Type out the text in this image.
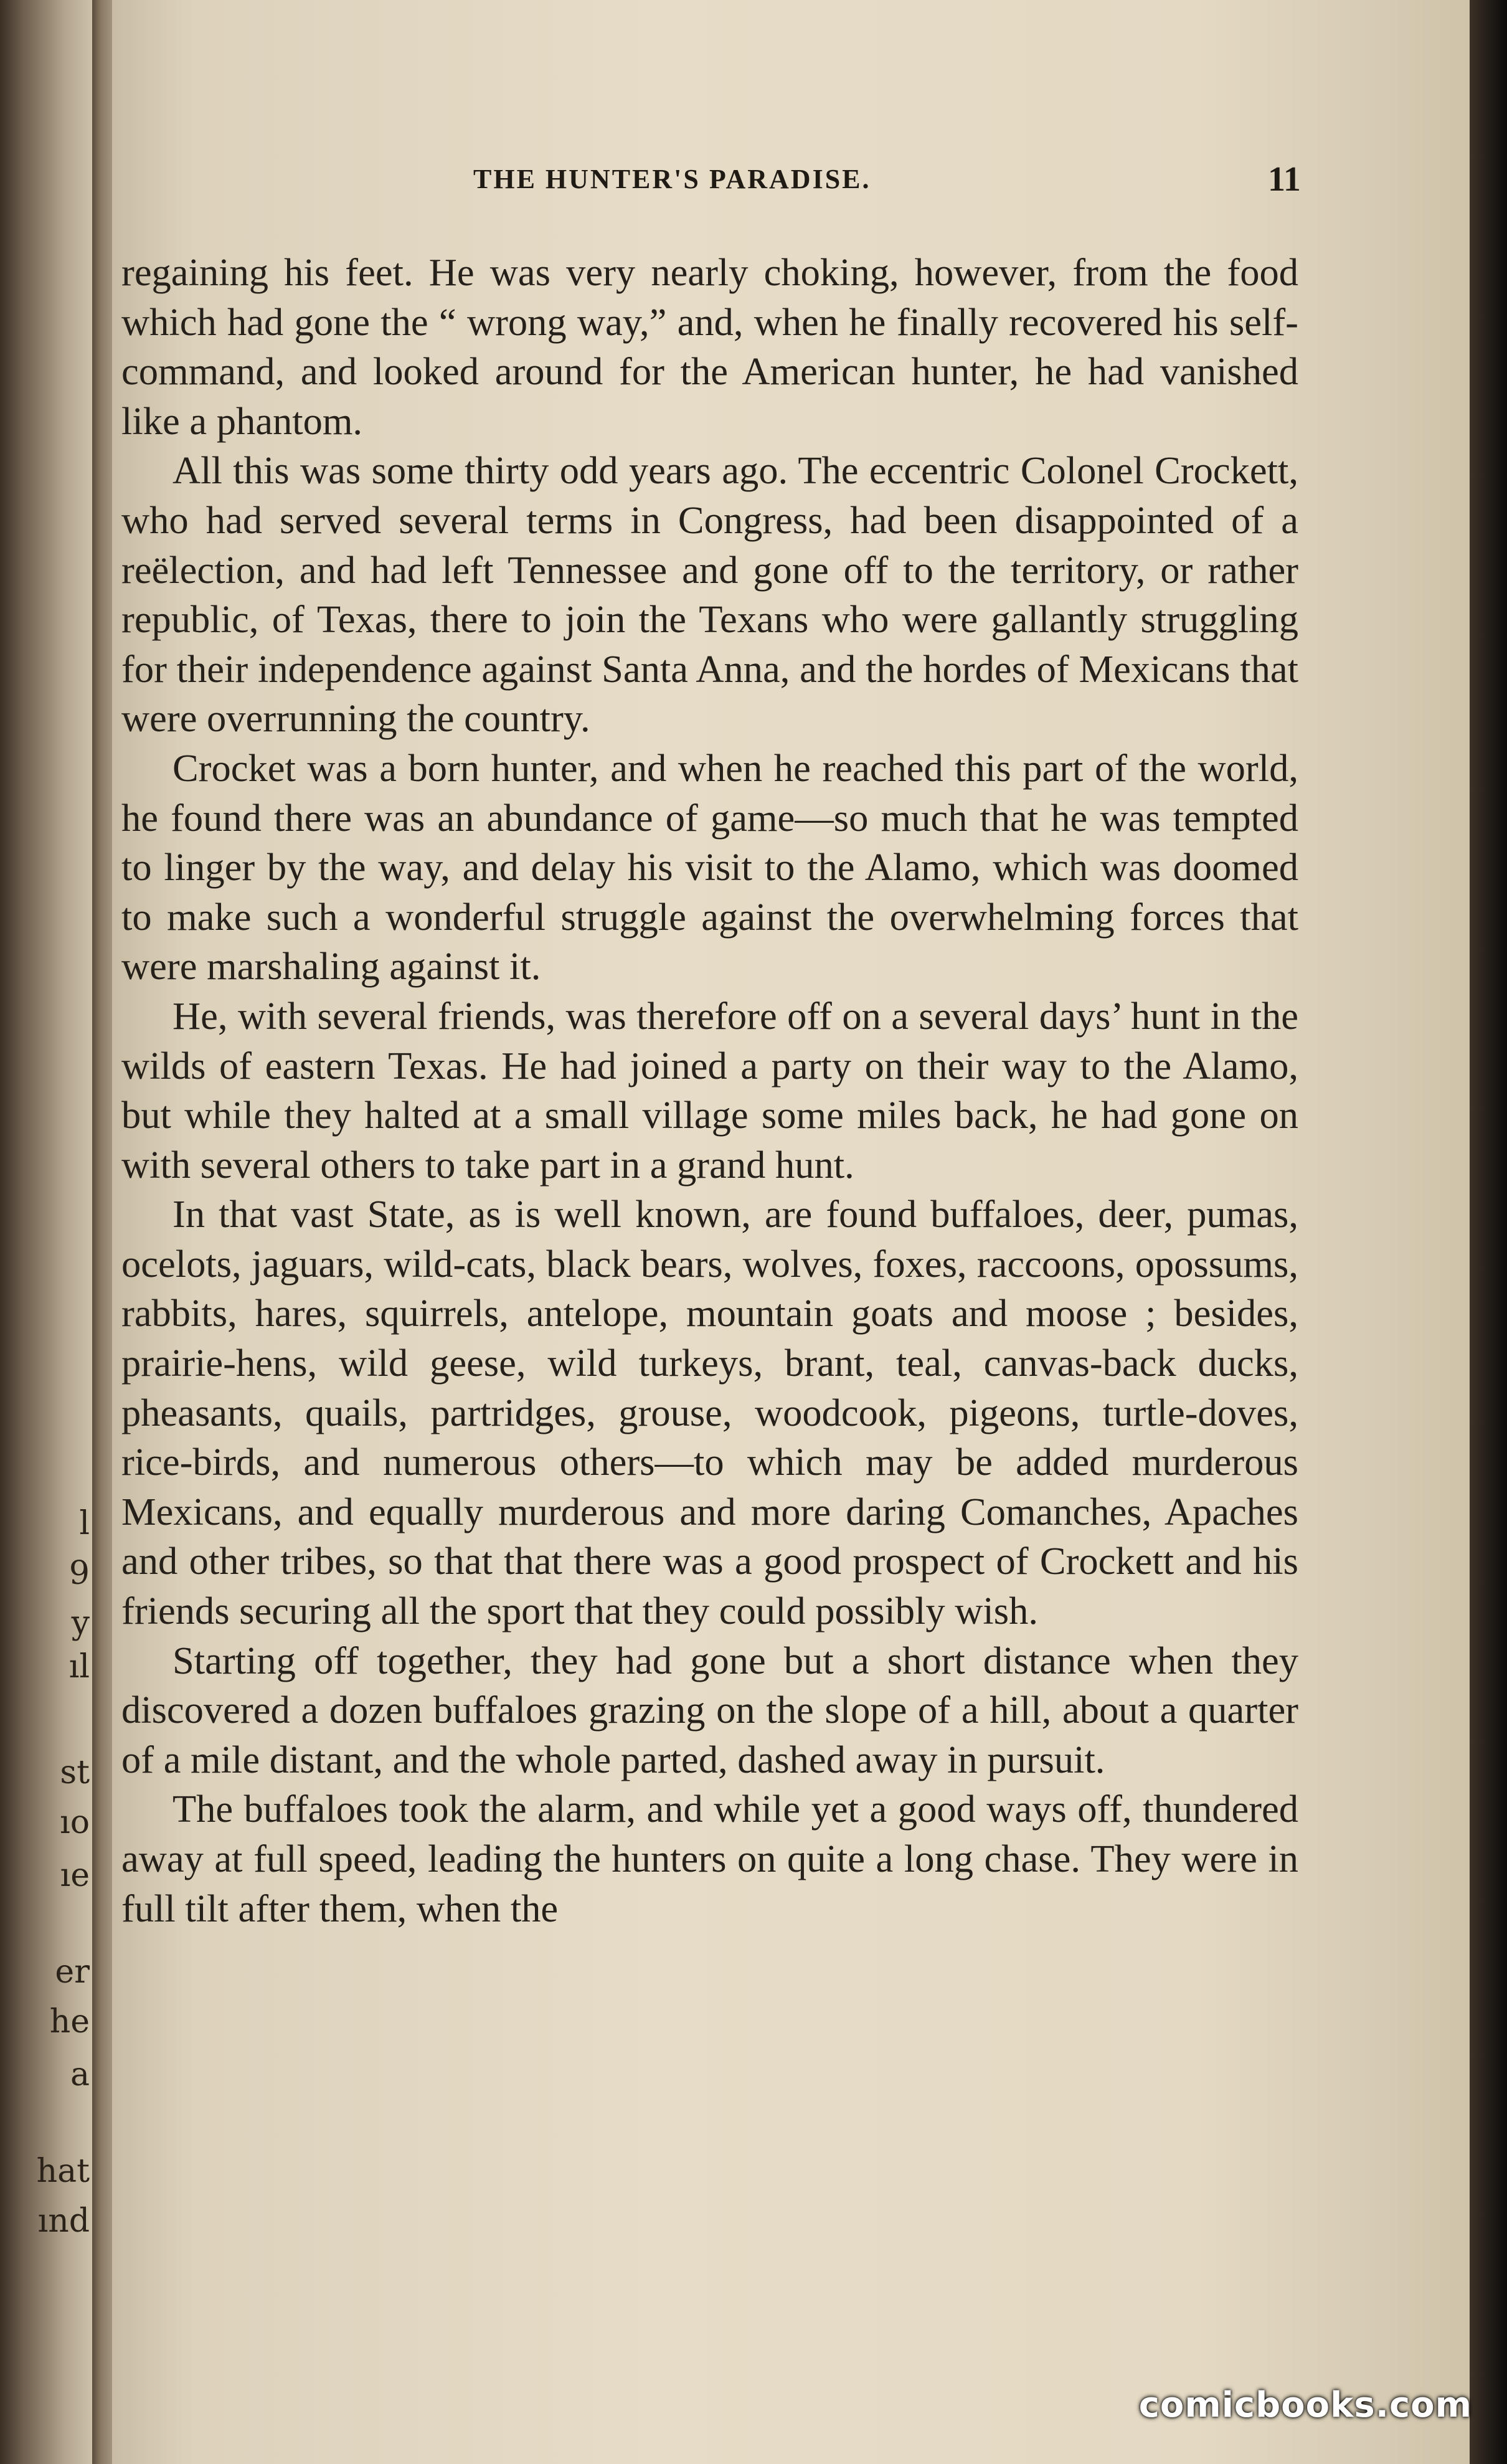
l
9
y
ıl
st
ıo
ıe
er
he
a
hat
ınd
THE HUNTER'S PARADISE.	11

regaining his feet. He was very nearly choking, however, from the food which had gone the “ wrong way,” and, when he finally recovered his self-command, and looked around for the American hunter, he had vanished like a phantom.

All this was some thirty odd years ago. The eccentric Colonel Crockett, who had served several terms in Congress, had been disappointed of a reëlection, and had left Tennessee and gone off to the territory, or rather republic, of Texas, there to join the Texans who were gallantly struggling for their independence against Santa Anna, and the hordes of Mexicans that were overrunning the country.

Crocket was a born hunter, and when he reached this part of the world, he found there was an abundance of game—so much that he was tempted to linger by the way, and delay his visit to the Alamo, which was doomed to make such a wonderful struggle against the overwhelming forces that were marshaling against it.

He, with several friends, was therefore off on a several days’ hunt in the wilds of eastern Texas. He had joined a party on their way to the Alamo, but while they halted at a small village some miles back, he had gone on with several others to take part in a grand hunt.

In that vast State, as is well known, are found buffaloes, deer, pumas, ocelots, jaguars, wild-cats, black bears, wolves, foxes, raccoons, opossums, rabbits, hares, squirrels, antelope, mountain goats and moose ; besides, prairie-hens, wild geese, wild turkeys, brant, teal, canvas-back ducks, pheasants, quails, partridges, grouse, woodcook, pigeons, turtle-doves, rice-birds, and numerous others—to which may be added murderous Mexicans, and equally murderous and more daring Comanches, Apaches and other tribes, so that that there was a good prospect of Crockett and his friends securing all the sport that they could possibly wish.

Starting off together, they had gone but a short distance when they discovered a dozen buffaloes grazing on the slope of a hill, about a quarter of a mile distant, and the whole parted, dashed away in pursuit.

The buffaloes took the alarm, and while yet a good ways off, thundered away at full speed, leading the hunters on quite a long chase. They were in full tilt after them, when the

comicbooks.com
